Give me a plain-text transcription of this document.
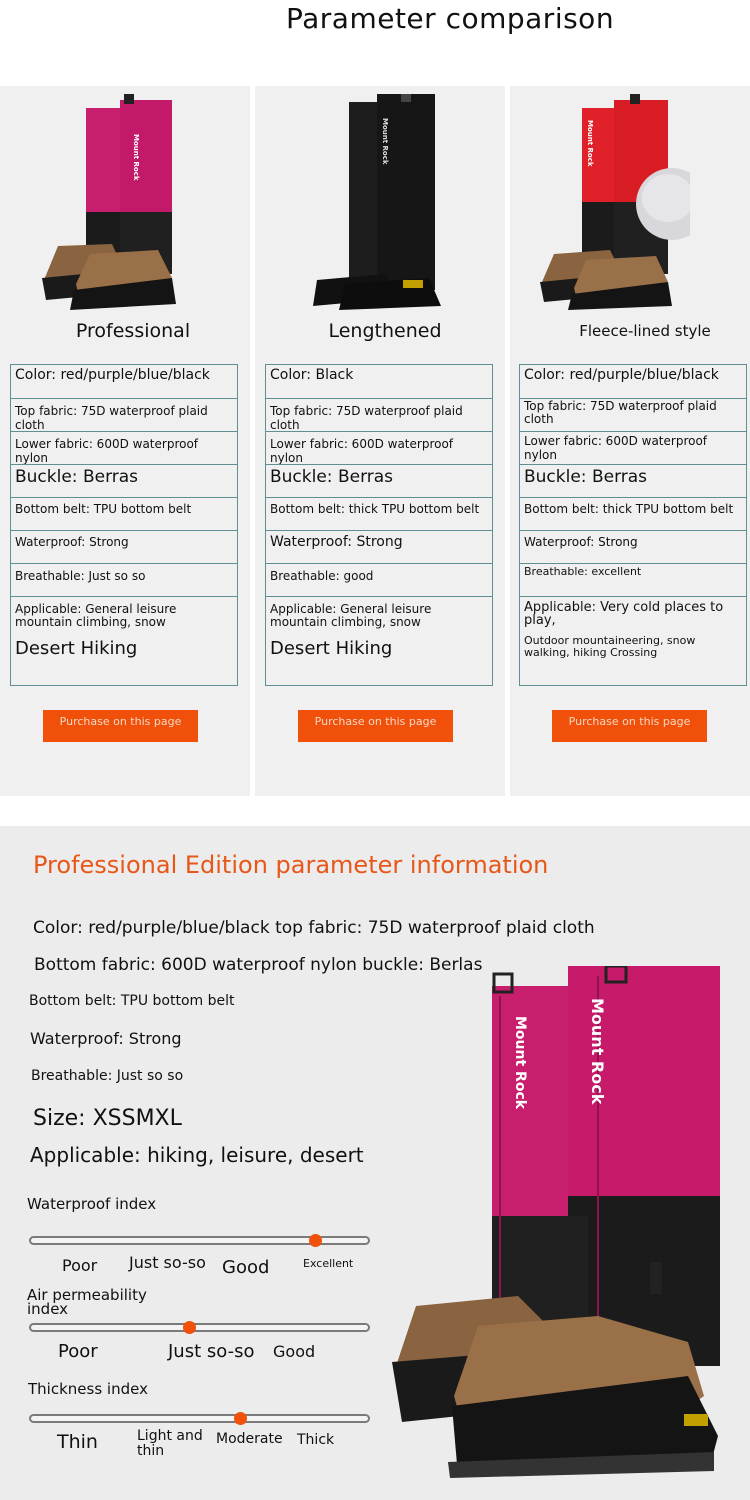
Parameter comparison
Mount Rock
Professional
Color: red/purple/blue/black
Top fabric: 75D waterproof plaid cloth
Lower fabric: 600D waterproof nylon
Buckle: Berras
Bottom belt: TPU bottom belt
Waterproof: Strong
Breathable: Just so so
Applicable: General leisure mountain climbing, snow
Desert Hiking
Purchase on this page
Mount Rock
Lengthened
Color: Black
Top fabric: 75D waterproof plaid cloth
Lower fabric: 600D waterproof nylon
Buckle: Berras
Bottom belt: thick TPU bottom belt
Waterproof: Strong
Breathable: good
Applicable: General leisure mountain climbing, snow
Desert Hiking
Purchase on this page
Mount Rock
Fleece-lined style
Color: red/purple/blue/black
Top fabric: 75D waterproof plaid cloth
Lower fabric: 600D waterproof nylon
Buckle: Berras
Bottom belt: thick TPU bottom belt
Waterproof: Strong
Breathable: excellent
Applicable: Very cold places to play,
Outdoor mountaineering, snow walking, hiking Crossing
Purchase on this page
Professional Edition parameter information
Color: red/purple/blue/black top fabric: 75D waterproof plaid cloth
Bottom fabric: 600D waterproof nylon buckle: Berlas
Bottom belt: TPU bottom belt
Waterproof: Strong
Breathable: Just so so
Size: XSSMXL
Applicable: hiking, leisure, desert
Waterproof index
Poor Just so-so Good	Excellent
Air permeability index
Poor	Just so-so Good
Thickness index
Thin	Light and thin
Moderate Thick
Mount Rock	Mount Rock
